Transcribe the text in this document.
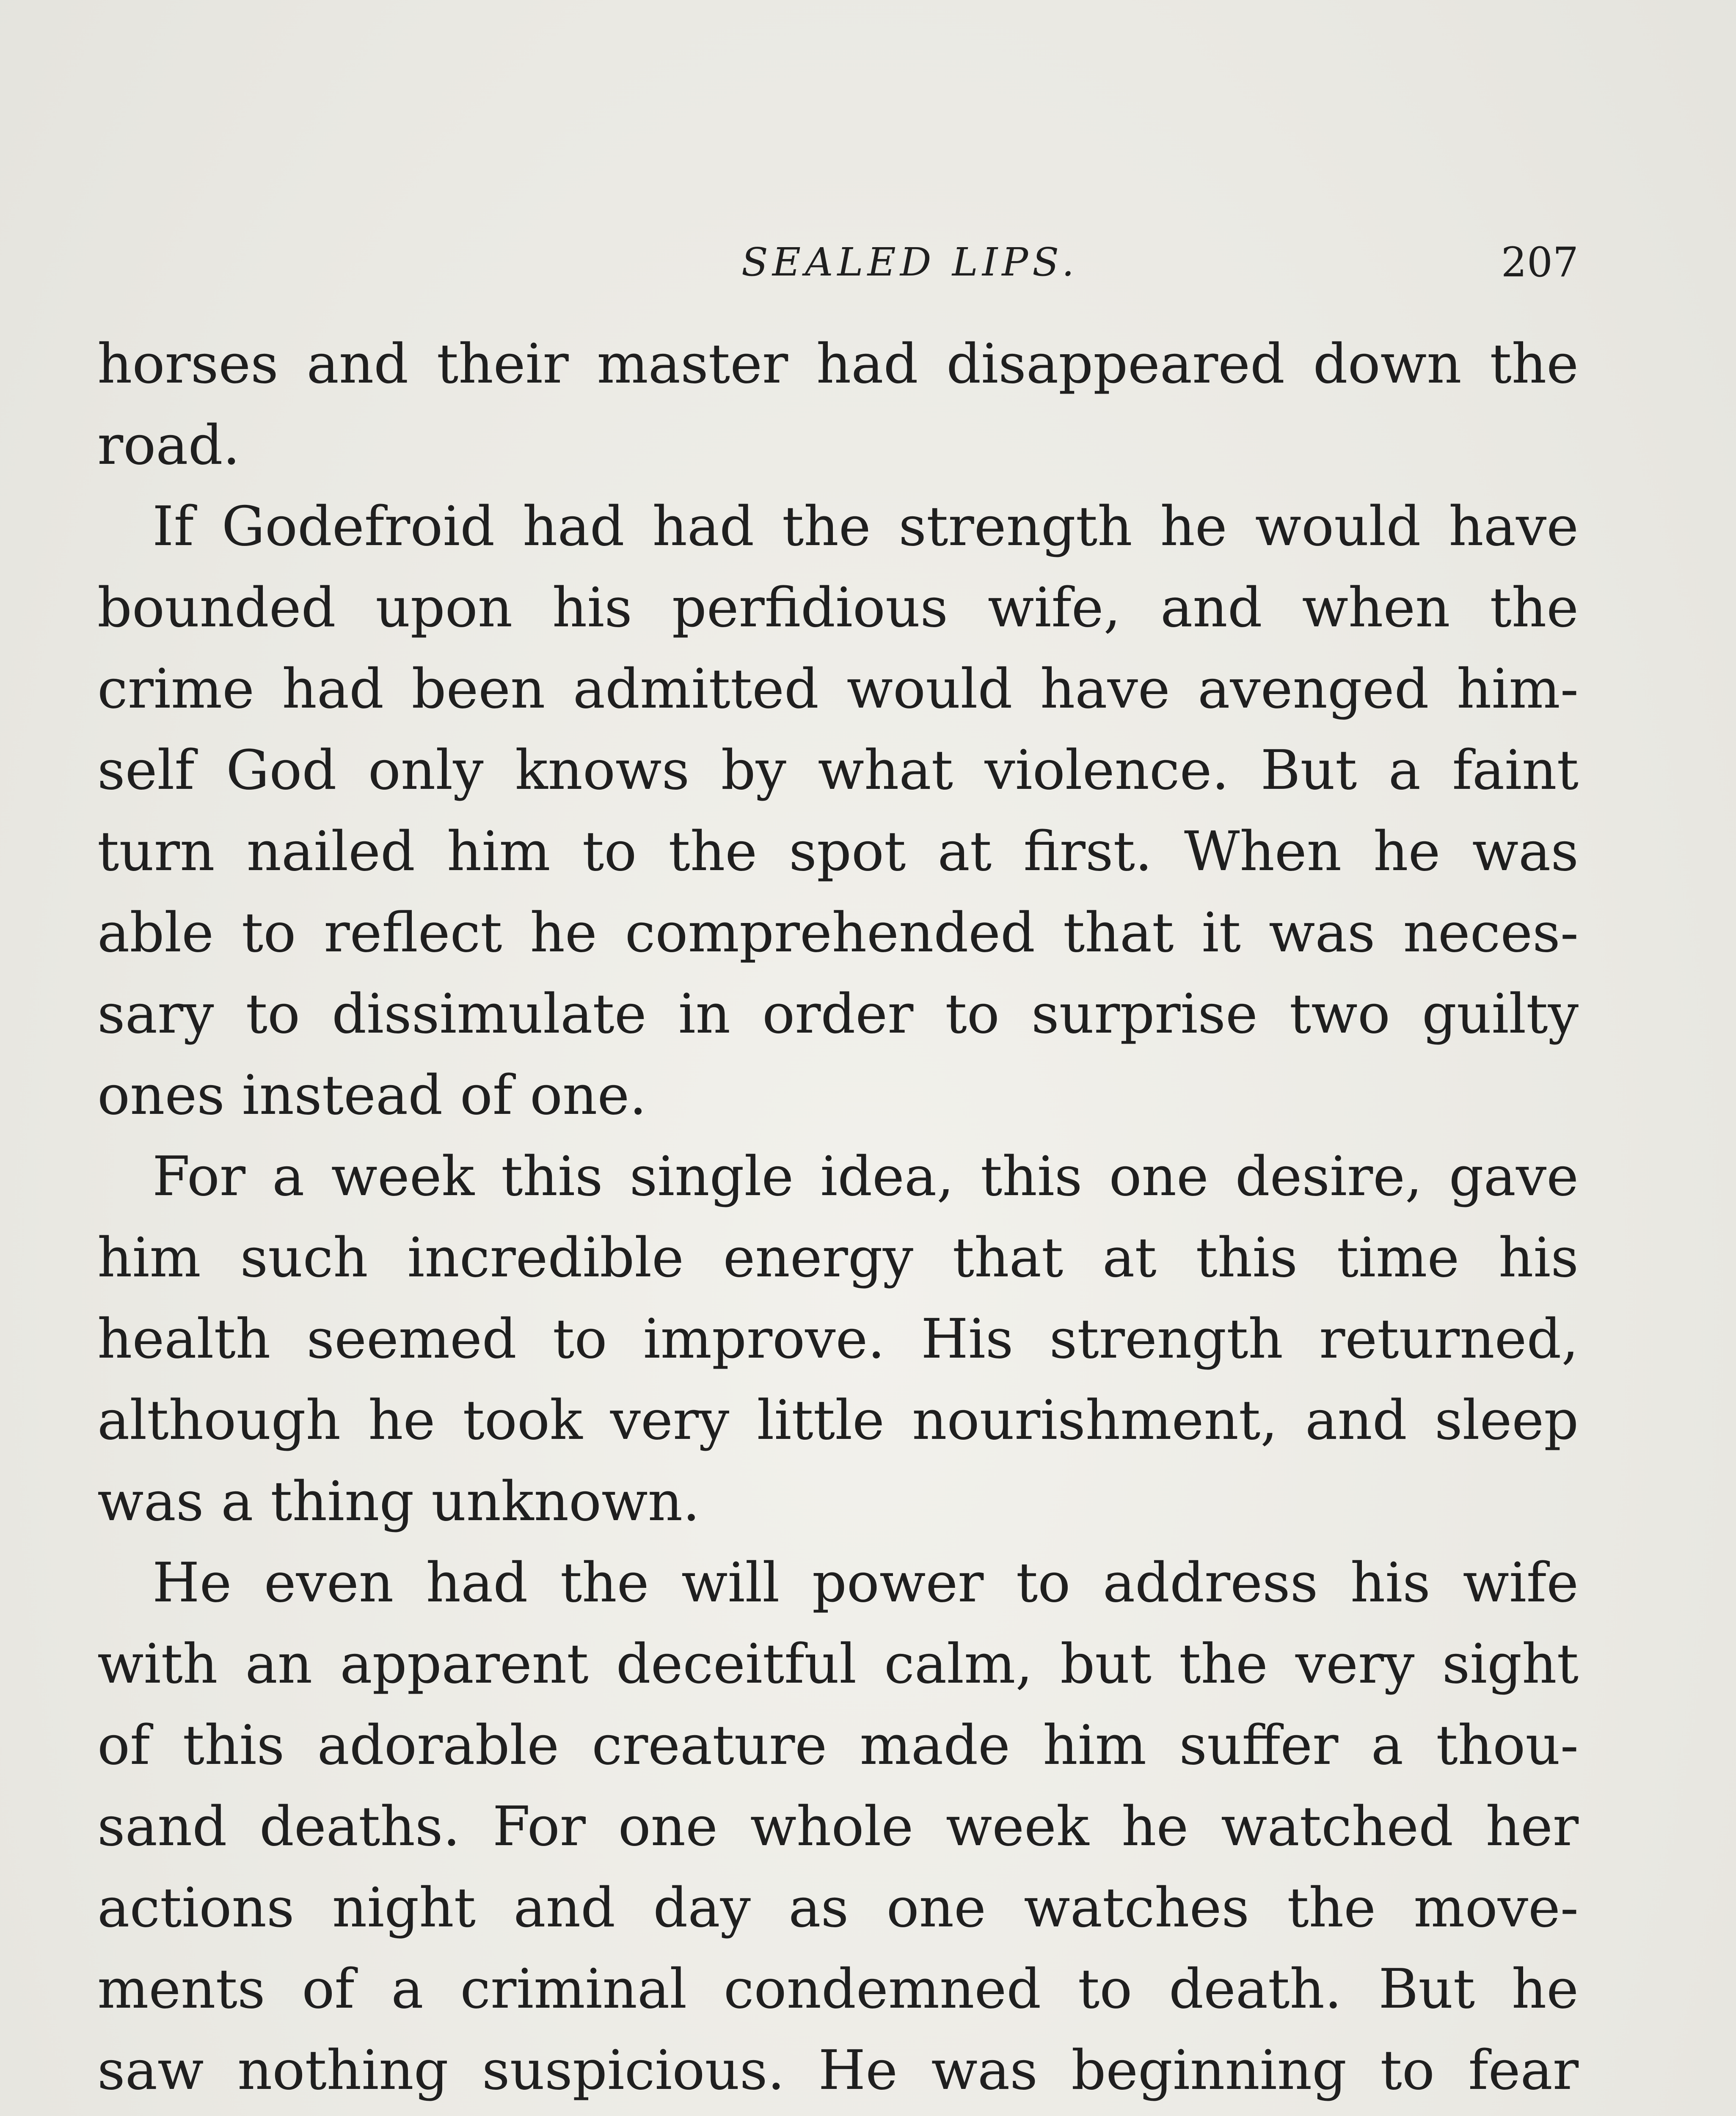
SEALED LIPS.	207
horses and their master had disappeared down the
road.
If Godefroid had had the strength he would have
bounded upon his perfidious wife, and when the
crime had been admitted would have avenged him-
self God only knows by what violence. But a faint
turn nailed him to the spot at first. When he was
able to reflect he comprehended that it was neces-
sary to dissimulate in order to surprise two guilty
ones instead of one.
For a week this single idea, this one desire, gave
him such incredible energy that at this time his
health seemed to improve. His strength returned,
although he took very little nourishment, and sleep
was a thing unknown.
He even had the will power to address his wife
with an apparent deceitful calm, but the very sight
of this adorable creature made him suffer a thou-
sand deaths. For one whole week he watched her
actions night and day as one watches the move-
ments of a criminal condemned to death. But he
saw nothing suspicious. He was beginning to fear
